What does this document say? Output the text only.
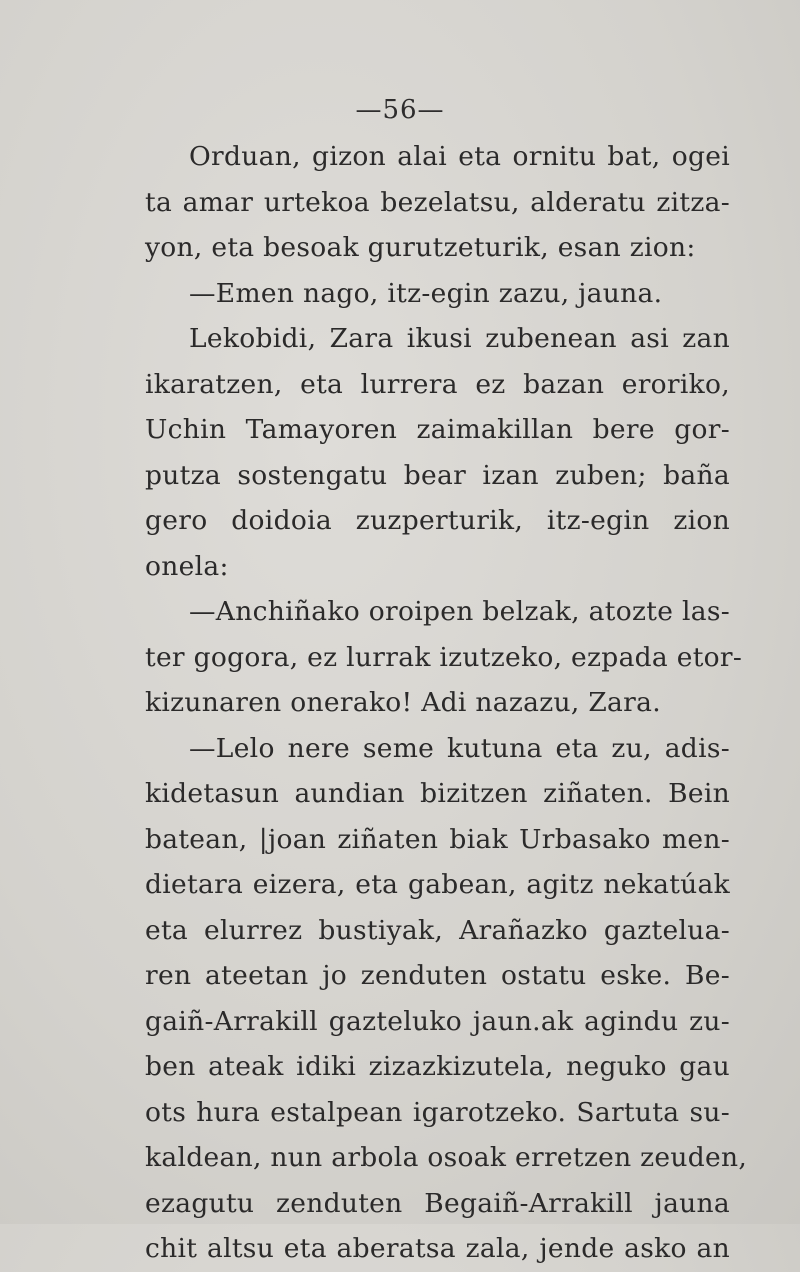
—56—
Orduan, gizon alai eta ornitu bat, ogei
ta amar urtekoa bezelatsu, alderatu zitza-
yon, eta besoak gurutzeturik, esan zion:
—Emen nago, itz-egin zazu, jauna.
Lekobidi, Zara ikusi zubenean asi zan
ikaratzen, eta lurrera ez bazan eroriko,
Uchin Tamayoren zaimakillan bere gor-
putza sostengatu bear izan zuben; baña
gero doidoia zuzperturik, itz-egin zion
onela:
—Anchiñako oroipen belzak, atozte las-
ter gogora, ez lurrak izutzeko, ezpada etor-
kizunaren onerako! Adi nazazu, Zara.
—Lelo nere seme kutuna eta zu, adis-
kidetasun aundian bizitzen ziñaten. Bein
batean, |joan ziñaten biak Urbasako men-
dietara eizera, eta gabean, agitz nekatúak
eta elurrez bustiyak, Arañazko gaztelua-
ren ateetan jo zenduten ostatu eske. Be-
gaiñ-Arrakill gazteluko jaun.ak agindu zu-
ben ateak idiki zizazkizutela, neguko gau
ots hura estalpean igarotzeko. Sartuta su-
kaldean, nun arbola osoak erretzen zeuden,
ezagutu zenduten Begaiñ-Arrakill jauna
chit altsu eta aberatsa zala, jende asko an
